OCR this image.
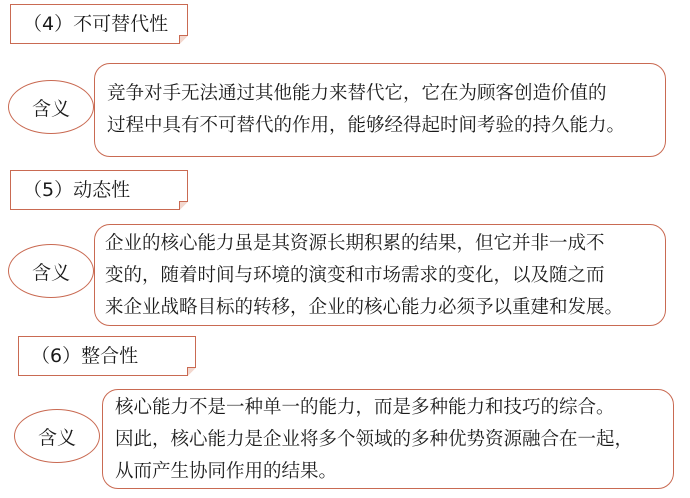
（4）不可替代性
含义
竞争对手无法通过其他能力来替代它，它在为顾客创造价值的
过程中具有不可替代的作用，能够经得起时间考验的持久能力。
（5）动态性
含义
企业的核心能力虽是其资源长期积累的结果，但它并非一成不
变的，随着时间与环境的演变和市场需求的变化，以及随之而
来企业战略目标的转移，企业的核心能力必须予以重建和发展。
（6）整合性
含义
核心能力不是一种单一的能力，而是多种能力和技巧的综合。
因此，核心能力是企业将多个领域的多种优势资源融合在一起，
从而产生协同作用的结果。
